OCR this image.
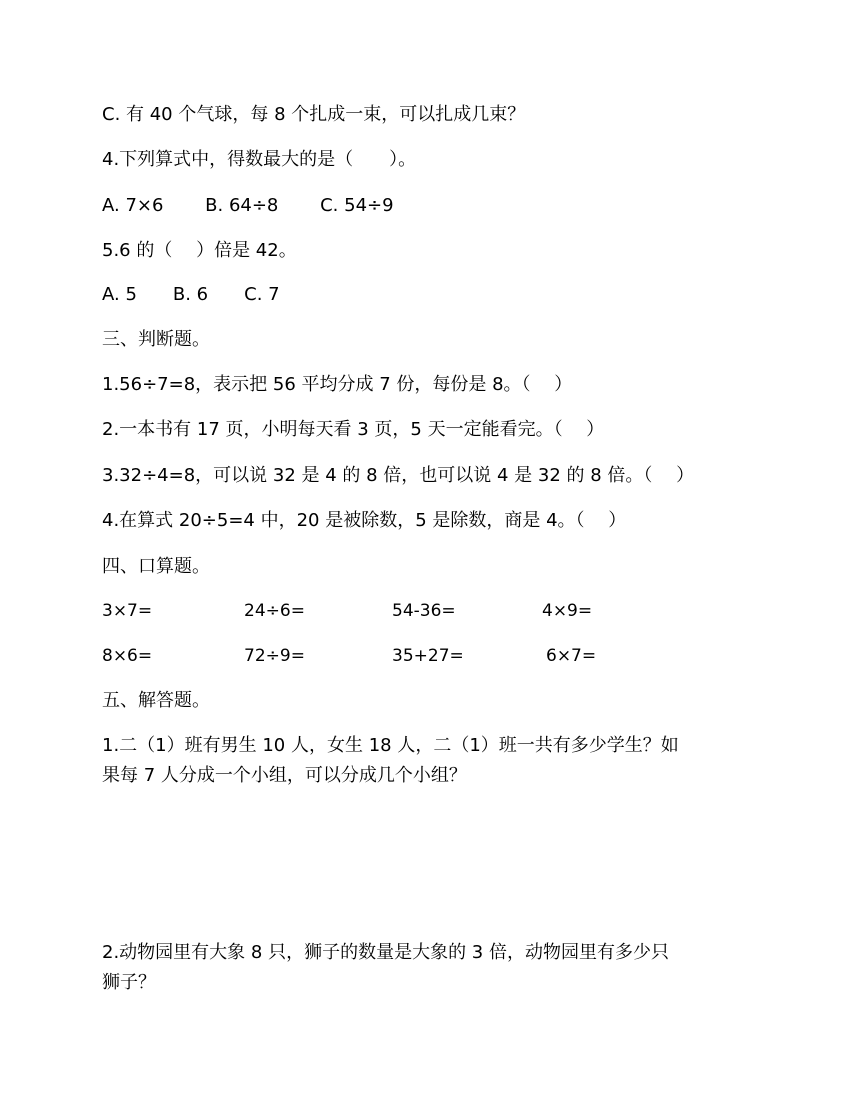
C. 有 40 个气球，每 8 个扎成一束，可以扎成几束？
4.下列算式中，得数最大的是（　　）。
A. 7×6　　 B. 64÷8　　 C. 54÷9
5.6 的（　 ）倍是 42。
A. 5　　B. 6　　C. 7
三、判断题。
1.56÷7=8，表示把 56 平均分成 7 份，每份是 8。（　 ）
2.一本书有 17 页，小明每天看 3 页，5 天一定能看完。（　 ）
3.32÷4=8，可以说 32 是 4 的 8 倍，也可以说 4 是 32 的 8 倍。（　 ）
4.在算式 20÷5=4 中，20 是被除数，5 是除数，商是 4。（　 ）
四、口算题。
3×7=	24÷6=	54-36=	4×9=
8×6=	72÷9=	35+27=	6×7=
五、解答题。
1.二（1）班有男生 10 人，女生 18 人，二（1）班一共有多少学生？如
果每 7 人分成一个小组，可以分成几个小组？
2.动物园里有大象 8 只，狮子的数量是大象的 3 倍，动物园里有多少只
狮子？
